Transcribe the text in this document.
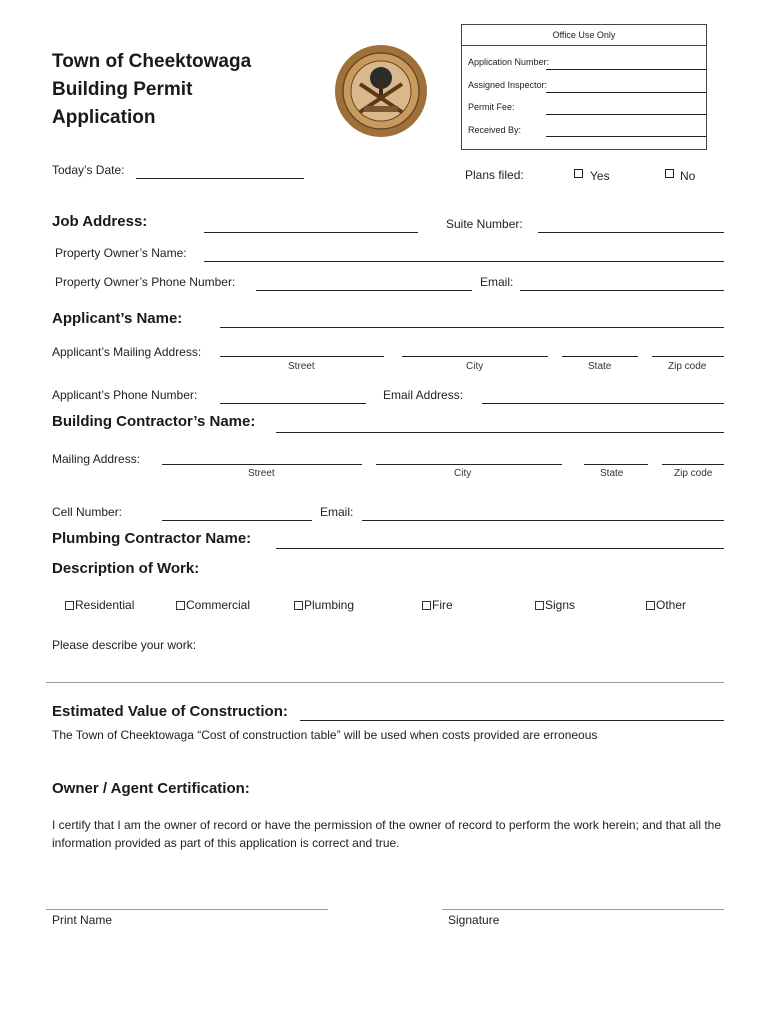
Town of Cheektowaga
Building Permit
Application
Office Use Only
Application Number:
Assigned Inspector:
Permit Fee:
Received By:
Today’s Date:	Plans filed:	Yes	No
Job Address:	Suite Number:
Property Owner’s Name:
Property Owner’s Phone Number:	Email:
Applicant’s Name:
Applicant’s Mailing Address:
Street	City	State	Zip code
Applicant’s Phone Number:	Email Address:
Building Contractor’s Name:
Mailing Address:
Street	City	State	Zip code
Cell Number:	Email:
Plumbing Contractor Name:
Description of Work:
Residential	Commercial	Plumbing	Fire	Signs	Other
Please describe your work:
Estimated Value of Construction:
The Town of Cheektowaga “Cost of construction table” will be used when costs provided are erroneous
Owner / Agent Certification:
I certify that I am the owner of record or have the permission of the owner of record to perform the work herein; and that all the information provided as part of this application is correct and true.
Print Name	Signature
